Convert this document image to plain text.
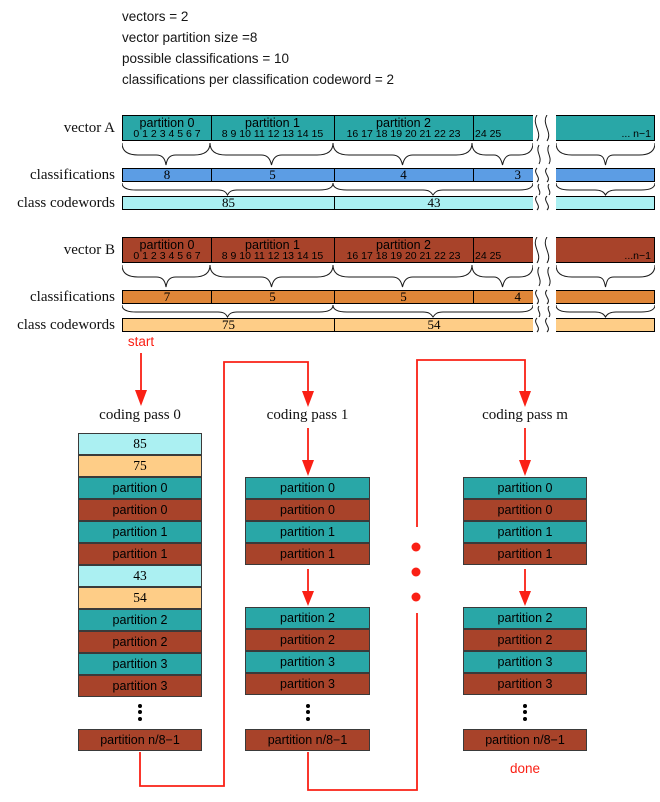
vectors = 2
vector partition size =8
possible classifications = 10
classifications per classification codeword = 2
vector A
classifications
class codewords
partition 0	partition 1	partition 2
0 1 2 3 4 5 6 7	8 9 10 11 12 13 14 15	16 17 18 19 20 21 22 23	24 25	... n−1
8	5	4	3
85	43
vector B
classifications
class codewords
partition 0	partition 1	partition 2
0 1 2 3 4 5 6 7	8 9 10 11 12 13 14 15	16 17 18 19 20 21 22 23	24 25	...n−1
7	5	5	4
75	54
start
done
coding pass 0	coding pass 1	coding pass m
85
75
partition 0
partition 0
partition 1
partition 1
43
54
partition 2
partition 2
partition 3
partition 3
partition n/8−1
partition 0
partition 0
partition 1
partition 1
partition 2
partition 2
partition 3
partition 3
partition n/8−1
partition 0
partition 0
partition 1
partition 1
partition 2
partition 2
partition 3
partition 3
partition n/8−1
